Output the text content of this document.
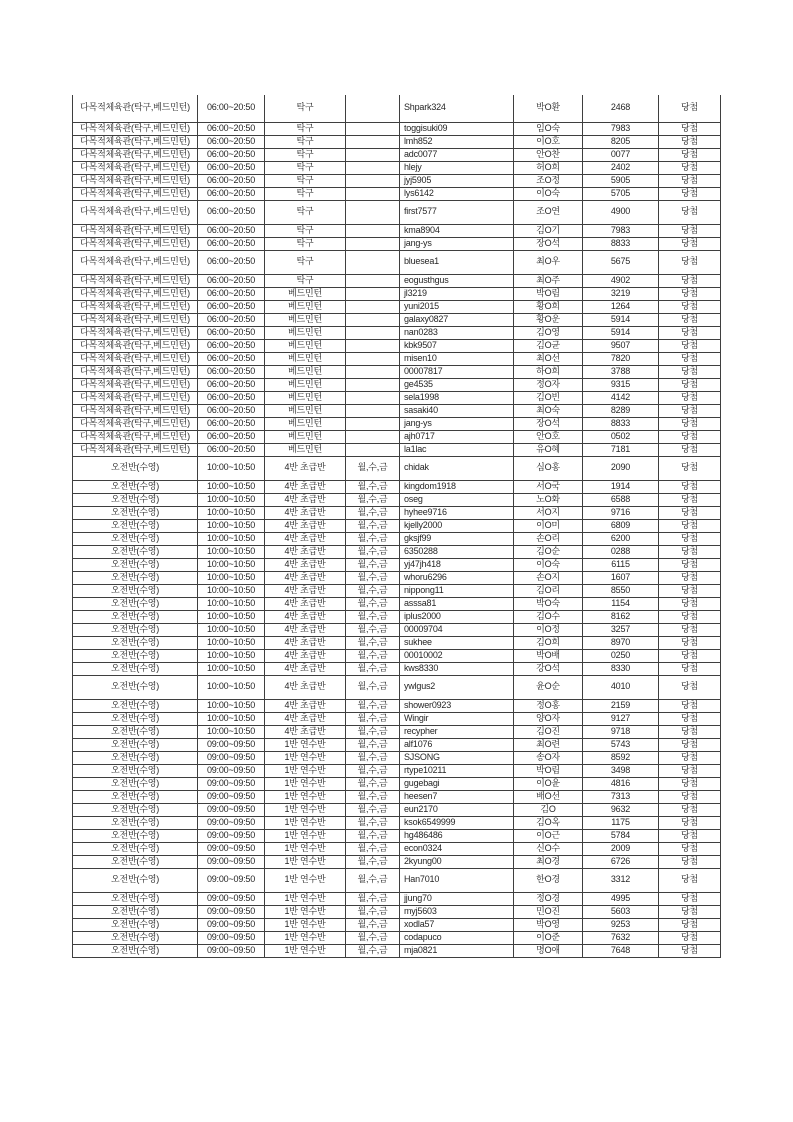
다목적체육관(탁구,베드민턴)	06:00~20:50	탁구		Shpark324	박O환	2468	당첨
다목적체육관(탁구,베드민턴)	06:00~20:50	탁구		toggisuki09	임O숙	7983	당첨
다목적체육관(탁구,베드민턴)	06:00~20:50	탁구		lmh852	이O호	8205	당첨
다목적체육관(탁구,베드민턴)	06:00~20:50	탁구		adc0077	안O찬	0077	당첨
다목적체육관(탁구,베드민턴)	06:00~20:50	탁구		hlejy	허O희	2402	당첨
다목적체육관(탁구,베드민턴)	06:00~20:50	탁구		jyj5905	조O정	5905	당첨
다목적체육관(탁구,베드민턴)	06:00~20:50	탁구		lys6142	이O숙	5705	당첨
다목적체육관(탁구,베드민턴)	06:00~20:50	탁구		first7577	조O연	4900	당첨
다목적체육관(탁구,베드민턴)	06:00~20:50	탁구		kma8904	김O기	7983	당첨
다목적체육관(탁구,베드민턴)	06:00~20:50	탁구		jang-ys	장O석	8833	당첨
다목적체육관(탁구,베드민턴)	06:00~20:50	탁구		bluesea1	최O우	5675	당첨
다목적체육관(탁구,베드민턴)	06:00~20:50	탁구		eogusthgus	최O주	4902	당첨
다목적체육관(탁구,베드민턴)	06:00~20:50	베드민턴		jl3219	박O림	3219	당첨
다목적체육관(탁구,베드민턴)	06:00~20:50	베드민턴		yuni2015	황O희	1264	당첨
다목적체육관(탁구,베드민턴)	06:00~20:50	베드민턴		galaxy0827	황O운	5914	당첨
다목적체육관(탁구,베드민턴)	06:00~20:50	베드민턴		nan0283	김O영	5914	당첨
다목적체육관(탁구,베드민턴)	06:00~20:50	베드민턴		kbk9507	김O균	9507	당첨
다목적체육관(탁구,베드민턴)	06:00~20:50	베드민턴		misen10	최O선	7820	당첨
다목적체육관(탁구,베드민턴)	06:00~20:50	베드민턴		00007817	하O희	3788	당첨
다목적체육관(탁구,베드민턴)	06:00~20:50	베드민턴		ge4535	정O자	9315	당첨
다목적체육관(탁구,베드민턴)	06:00~20:50	베드민턴		sela1998	김O빈	4142	당첨
다목적체육관(탁구,베드민턴)	06:00~20:50	베드민턴		sasaki40	최O숙	8289	당첨
다목적체육관(탁구,베드민턴)	06:00~20:50	베드민턴		jang-ys	장O석	8833	당첨
다목적체육관(탁구,베드민턴)	06:00~20:50	베드민턴		ajh0717	안O호	0502	당첨
다목적체육관(탁구,베드민턴)	06:00~20:50	베드민턴		la1lac	유O혜	7181	당첨
오전반(수영)	10:00~10:50	4반 초급반	월,수,금	chidak	심O홍	2090	당첨
오전반(수영)	10:00~10:50	4반 초급반	월,수,금	kingdom1918	서O국	1914	당첨
오전반(수영)	10:00~10:50	4반 초급반	월,수,금	oseg	노O화	6588	당첨
오전반(수영)	10:00~10:50	4반 초급반	월,수,금	hyhee9716	서O지	9716	당첨
오전반(수영)	10:00~10:50	4반 초급반	월,수,금	kjelly2000	이O미	6809	당첨
오전반(수영)	10:00~10:50	4반 초급반	월,수,금	gksjf99	손O리	6200	당첨
오전반(수영)	10:00~10:50	4반 초급반	월,수,금	6350288	김O순	0288	당첨
오전반(수영)	10:00~10:50	4반 초급반	월,수,금	yj47jh418	이O숙	6115	당첨
오전반(수영)	10:00~10:50	4반 초급반	월,수,금	whoru6296	손O지	1607	당첨
오전반(수영)	10:00~10:50	4반 초급반	월,수,금	nippong11	김O리	8550	당첨
오전반(수영)	10:00~10:50	4반 초급반	월,수,금	asssa81	박O숙	1154	당첨
오전반(수영)	10:00~10:50	4반 초급반	월,수,금	iplus2000	김O수	8162	당첨
오전반(수영)	10:00~10:50	4반 초급반	월,수,금	00009704	이O정	3257	당첨
오전반(수영)	10:00~10:50	4반 초급반	월,수,금	sukhee	김O희	8970	당첨
오전반(수영)	10:00~10:50	4반 초급반	월,수,금	00010002	박O배	0250	당첨
오전반(수영)	10:00~10:50	4반 초급반	월,수,금	kws8330	강O석	8330	당첨
오전반(수영)	10:00~10:50	4반 초급반	월,수,금	ywlgus2	윤O순	4010	당첨
오전반(수영)	10:00~10:50	4반 초급반	월,수,금	shower0923	정O홍	2159	당첨
오전반(수영)	10:00~10:50	4반 초급반	월,수,금	Wingir	양O자	9127	당첨
오전반(수영)	10:00~10:50	4반 초급반	월,수,금	recypher	김O진	9718	당첨
오전반(수영)	09:00~09:50	1반 연수반	월,수,금	alf1076	최O련	5743	당첨
오전반(수영)	09:00~09:50	1반 연수반	월,수,금	SJSONG	송O자	8592	당첨
오전반(수영)	09:00~09:50	1반 연수반	월,수,금	rtype10211	박O림	3498	당첨
오전반(수영)	09:00~09:50	1반 연수반	월,수,금	gugebagi	이O윤	4816	당첨
오전반(수영)	09:00~09:50	1반 연수반	월,수,금	heesen7	배O선	7313	당첨
오전반(수영)	09:00~09:50	1반 연수반	월,수,금	eun2170	김O	9632	당첨
오전반(수영)	09:00~09:50	1반 연수반	월,수,금	ksok6549999	김O옥	1175	당첨
오전반(수영)	09:00~09:50	1반 연수반	월,수,금	hg486486	이O근	5784	당첨
오전반(수영)	09:00~09:50	1반 연수반	월,수,금	econ0324	신O수	2009	당첨
오전반(수영)	09:00~09:50	1반 연수반	월,수,금	2kyung00	최O경	6726	당첨
오전반(수영)	09:00~09:50	1반 연수반	월,수,금	Han7010	한O경	3312	당첨
오전반(수영)	09:00~09:50	1반 연수반	월,수,금	jjung70	정O경	4995	당첨
오전반(수영)	09:00~09:50	1반 연수반	월,수,금	myj5603	민O진	5603	당첨
오전반(수영)	09:00~09:50	1반 연수반	월,수,금	xodla57	박O영	9253	당첨
오전반(수영)	09:00~09:50	1반 연수반	월,수,금	codapuco	이O준	7632	당첨
오전반(수영)	09:00~09:50	1반 연수반	월,수,금	mja0821	명O애	7648	당첨
